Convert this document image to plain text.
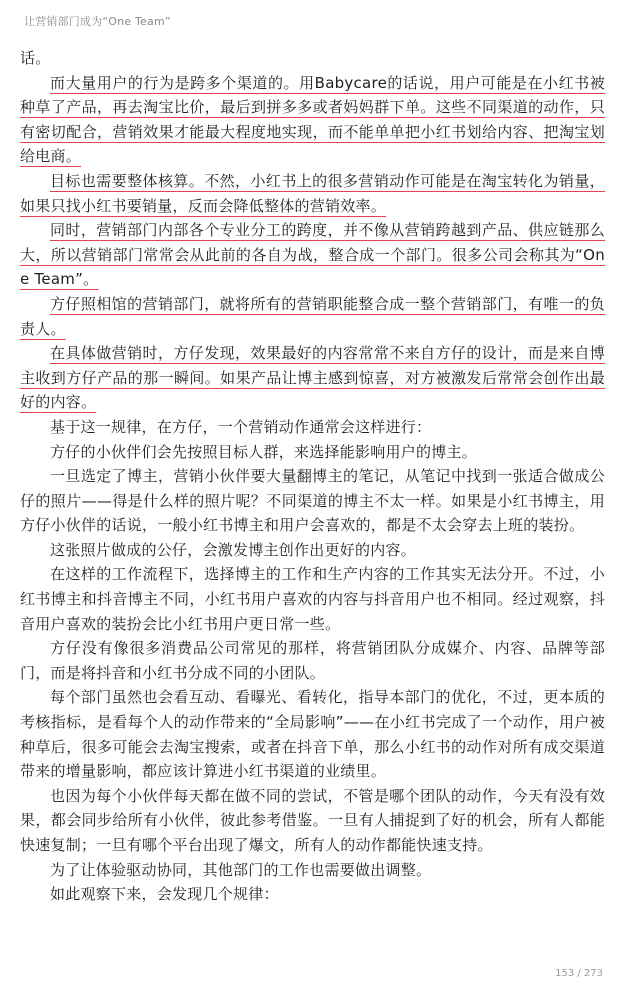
让营销部门成为“One Team”

话。

而大量用户的行为是跨多个渠道的。用Babycare的话说，用户可能是在小红书被种草了产品，再去淘宝比价，最后到拼多多或者妈妈群下单。这些不同渠道的动作，只有密切配合，营销效果才能最大程度地实现，而不能单单把小红书划给内容、把淘宝划给电商。

目标也需要整体核算。不然，小红书上的很多营销动作可能是在淘宝转化为销量，如果只找小红书要销量，反而会降低整体的营销效率。

同时，营销部门内部各个专业分工的跨度，并不像从营销跨越到产品、供应链那么大，所以营销部门常常会从此前的各自为战，整合成一个部门。很多公司会称其为“One Team”。

方仔照相馆的营销部门，就将所有的营销职能整合成一整个营销部门，有唯一的负责人。

在具体做营销时，方仔发现，效果最好的内容常常不来自方仔的设计，而是来自博主收到方仔产品的那一瞬间。如果产品让博主感到惊喜，对方被激发后常常会创作出最好的内容。

基于这一规律，在方仔，一个营销动作通常会这样进行：

方仔的小伙伴们会先按照目标人群，来选择能影响用户的博主。

一旦选定了博主，营销小伙伴要大量翻博主的笔记，从笔记中找到一张适合做成公仔的照片——得是什么样的照片呢？不同渠道的博主不太一样。如果是小红书博主，用方仔小伙伴的话说，一般小红书博主和用户会喜欢的，都是不太会穿去上班的装扮。

这张照片做成的公仔，会激发博主创作出更好的内容。

在这样的工作流程下，选择博主的工作和生产内容的工作其实无法分开。不过，小红书博主和抖音博主不同，小红书用户喜欢的内容与抖音用户也不相同。经过观察，抖音用户喜欢的装扮会比小红书用户更日常一些。

方仔没有像很多消费品公司常见的那样，将营销团队分成媒介、内容、品牌等部门，而是将抖音和小红书分成不同的小团队。

每个部门虽然也会看互动、看曝光、看转化，指导本部门的优化，不过，更本质的考核指标，是看每个人的动作带来的“全局影响”——在小红书完成了一个动作，用户被种草后，很多可能会去淘宝搜索，或者在抖音下单，那么小红书的动作对所有成交渠道带来的增量影响，都应该计算进小红书渠道的业绩里。

也因为每个小伙伴每天都在做不同的尝试，不管是哪个团队的动作，今天有没有效果，都会同步给所有小伙伴，彼此参考借鉴。一旦有人捕捉到了好的机会，所有人都能快速复制；一旦有哪个平台出现了爆文，所有人的动作都能快速支持。

为了让体验驱动协同，其他部门的工作也需要做出调整。

如此观察下来，会发现几个规律：

153 / 273
